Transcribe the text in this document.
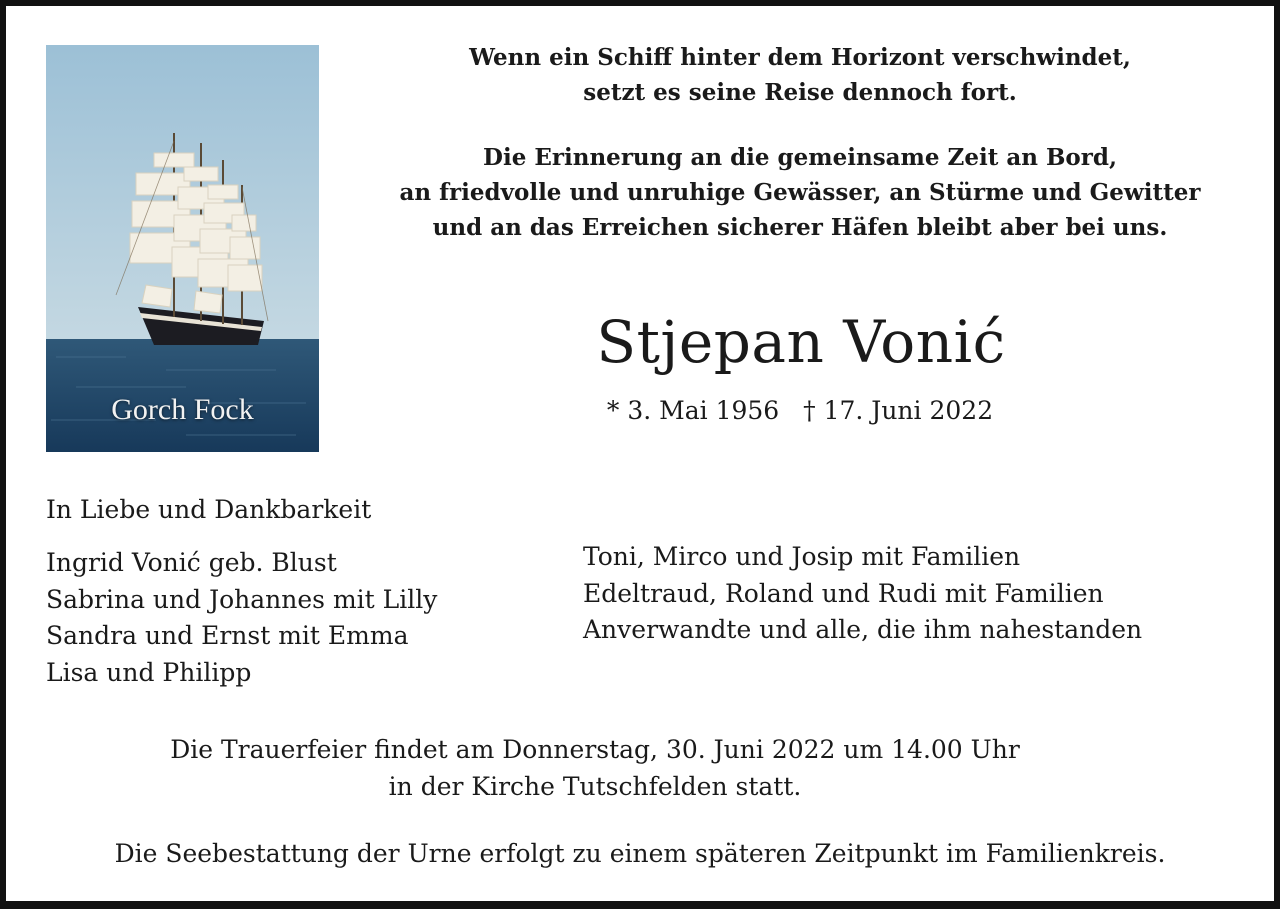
Gorch Fock

Wenn ein Schiff hinter dem Horizont verschwindet,

setzt es seine Reise dennoch fort.

Die Erinnerung an die gemeinsame Zeit an Bord,

an friedvolle und unruhige Gewässer, an Stürme und Gewitter

und an das Erreichen sicherer Häfen bleibt aber bei uns.

Stjepan Vonić
* 3. Mai 1956 † 17. Juni 2022
In Liebe und Dankbarkeit
Ingrid Vonić geb. Blust
Sabrina und Johannes mit Lilly
Sandra und Ernst mit Emma
Lisa und Philipp
Toni, Mirco und Josip mit Familien
Edeltraud, Roland und Rudi mit Familien
Anverwandte und alle, die ihm nahestanden

Die Trauerfeier findet am Donnerstag, 30. Juni 2022 um 14.00 Uhr

in der Kirche Tutschfelden statt.

Die Seebestattung der Urne erfolgt zu einem späteren Zeitpunkt im Familienkreis.
